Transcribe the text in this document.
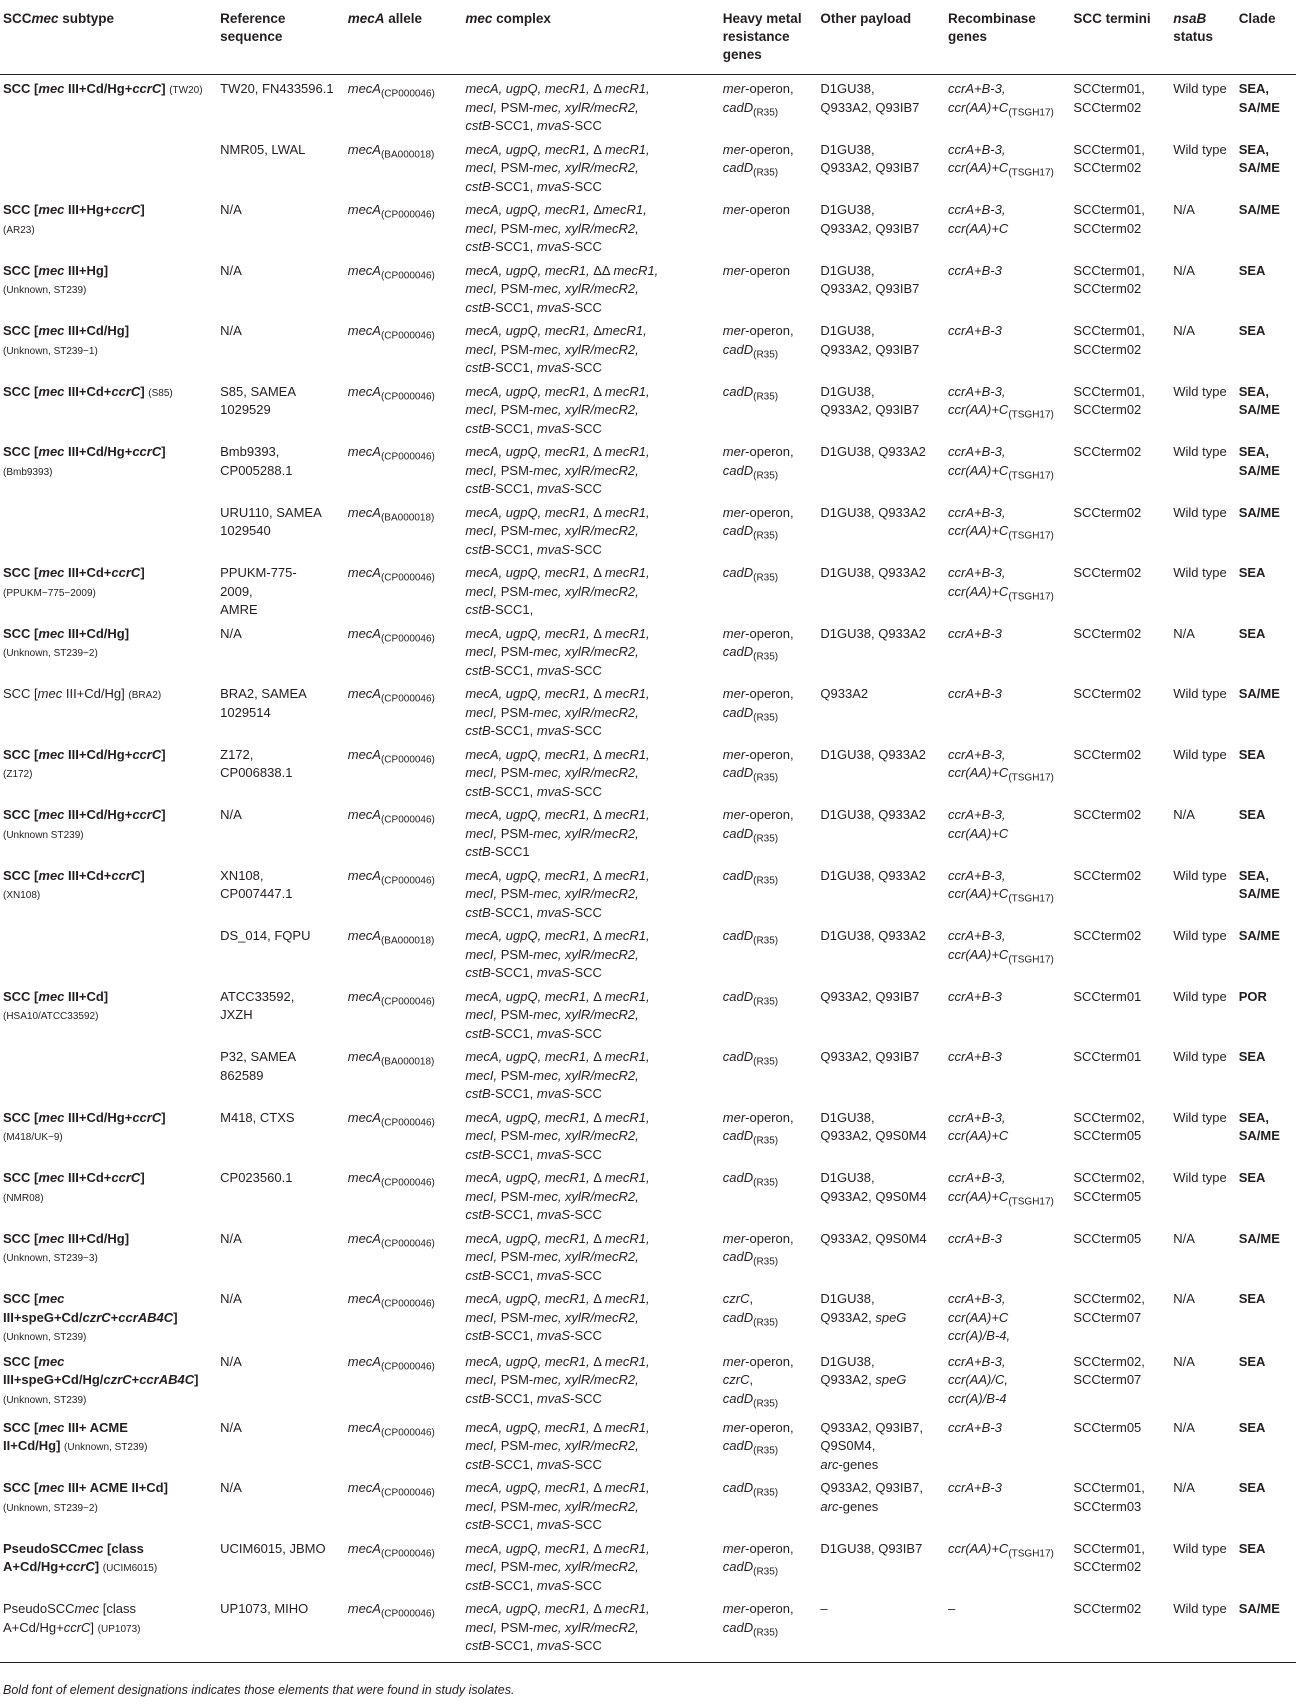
SCCmec subtype	Reference sequence	mecA allele	mec complex	Heavy metal resistance genes	Other payload	Recombinase genes	SCC termini	nsaB status	Clade
SCC [mec III+Cd/Hg+ccrC] (TW20)	TW20, FN433596.1	mecA$_{(CP000046)}$	mecA, ugpQ, mecR1, Δ mecR1,
mecI, PSM-mec, xylR/mecR2,
cstB-SCC1, mvaS-SCC	mer-operon,
cadD$_{(R35)}$	D1GU38,
Q933A2, Q93IB7	ccrA+B-3,
$ccr(AA)+C_{(TSGH17)}$	SCCterm01,
SCCterm02	Wild type	SEA,
SA/ME
	NMR05, LWAL	mecA$_{(BA000018)}$	mecA, ugpQ, mecR1, Δ mecR1,
mecI, PSM-mec, xylR/mecR2,
cstB-SCC1, mvaS-SCC	mer-operon,
cadD$_{(R35)}$	D1GU38,
Q933A2, Q93IB7	ccrA+B-3,
$ccr(AA)+C_{(TSGH17)}$	SCCterm01,
SCCterm02	Wild type	SEA,
SA/ME
SCC [mec III+Hg+ccrC]
(AR23)	N/A	mecA$_{(CP000046)}$	mecA, ugpQ, mecR1, ΔmecR1,
mecI, PSM-mec, xylR/mecR2,
cstB-SCC1, mvaS-SCC	mer-operon	D1GU38,
Q933A2, Q93IB7	ccrA+B-3,
ccr(AA)+C	SCCterm01,
SCCterm02	N/A	SA/ME
SCC [mec III+Hg]
(Unknown, ST239)	N/A	mecA$_{(CP000046)}$	mecA, ugpQ, mecR1, ΔΔ mecR1,
mecI, PSM-mec, xylR/mecR2,
cstB-SCC1, mvaS-SCC	mer-operon	D1GU38,
Q933A2, Q93IB7	ccrA+B-3	SCCterm01,
SCCterm02	N/A	SEA
SCC [mec III+Cd/Hg]
(Unknown, ST239−1)	N/A	mecA$_{(CP000046)}$	mecA, ugpQ, mecR1, ΔmecR1,
mecI, PSM-mec, xylR/mecR2,
cstB-SCC1, mvaS-SCC	mer-operon,
cadD$_{(R35)}$	D1GU38,
Q933A2, Q93IB7	ccrA+B-3	SCCterm01,
SCCterm02	N/A	SEA
SCC [mec III+Cd+ccrC] (S85)	S85, SAMEA
1029529	mecA$_{(CP000046)}$	mecA, ugpQ, mecR1, Δ mecR1,
mecI, PSM-mec, xylR/mecR2,
cstB-SCC1, mvaS-SCC	cadD$_{(R35)}$	D1GU38,
Q933A2, Q93IB7	ccrA+B-3,
$ccr(AA)+C_{(TSGH17)}$	SCCterm01,
SCCterm02	Wild type	SEA,
SA/ME
SCC [mec III+Cd/Hg+ccrC]
(Bmb9393)	Bmb9393,
CP005288.1	mecA$_{(CP000046)}$	mecA, ugpQ, mecR1, Δ mecR1,
mecI, PSM-mec, xylR/mecR2,
cstB-SCC1, mvaS-SCC	mer-operon,
cadD$_{(R35)}$	D1GU38, Q933A2	ccrA+B-3,
$ccr(AA)+C_{(TSGH17)}$	SCCterm02	Wild type	SEA,
SA/ME
	URU110, SAMEA
1029540	mecA$_{(BA000018)}$	mecA, ugpQ, mecR1, Δ mecR1,
mecI, PSM-mec, xylR/mecR2,
cstB-SCC1, mvaS-SCC	mer-operon,
cadD$_{(R35)}$	D1GU38, Q933A2	ccrA+B-3,
$ccr(AA)+C_{(TSGH17)}$	SCCterm02	Wild type	SA/ME
SCC [mec III+Cd+ccrC]
(PPUKM−775−2009)	PPUKM-775-
2009,
AMRE	mecA$_{(CP000046)}$	mecA, ugpQ, mecR1, Δ mecR1,
mecI, PSM-mec, xylR/mecR2,
cstB-SCC1,	cadD$_{(R35)}$	D1GU38, Q933A2	ccrA+B-3,
$ccr(AA)+C_{(TSGH17)}$	SCCterm02	Wild type	SEA
SCC [mec III+Cd/Hg]
(Unknown, ST239−2)	N/A	mecA$_{(CP000046)}$	mecA, ugpQ, mecR1, Δ mecR1,
mecI, PSM-mec, xylR/mecR2,
cstB-SCC1, mvaS-SCC	mer-operon,
cadD$_{(R35)}$	D1GU38, Q933A2	ccrA+B-3	SCCterm02	N/A	SEA
SCC [mec III+Cd/Hg] (BRA2)	BRA2, SAMEA
1029514	mecA$_{(CP000046)}$	mecA, ugpQ, mecR1, Δ mecR1,
mecI, PSM-mec, xylR/mecR2,
cstB-SCC1, mvaS-SCC	mer-operon,
cadD$_{(R35)}$	Q933A2	ccrA+B-3	SCCterm02	Wild type	SA/ME
SCC [mec III+Cd/Hg+ccrC]
(Z172)	Z172,
CP006838.1	mecA$_{(CP000046)}$	mecA, ugpQ, mecR1, Δ mecR1,
mecI, PSM-mec, xylR/mecR2,
cstB-SCC1, mvaS-SCC	mer-operon,
cadD$_{(R35)}$	D1GU38, Q933A2	ccrA+B-3,
$ccr(AA)+C_{(TSGH17)}$	SCCterm02	Wild type	SEA
SCC [mec III+Cd/Hg+ccrC]
(Unknown ST239)	N/A	mecA$_{(CP000046)}$	mecA, ugpQ, mecR1, Δ mecR1,
mecI, PSM-mec, xylR/mecR2,
cstB-SCC1	mer-operon,
cadD$_{(R35)}$	D1GU38, Q933A2	ccrA+B-3,
ccr(AA)+C	SCCterm02	N/A	SEA
SCC [mec III+Cd+ccrC]
(XN108)	XN108,
CP007447.1	mecA$_{(CP000046)}$	mecA, ugpQ, mecR1, Δ mecR1,
mecI, PSM-mec, xylR/mecR2,
cstB-SCC1, mvaS-SCC	cadD$_{(R35)}$	D1GU38, Q933A2	ccrA+B-3,
$ccr(AA)+C_{(TSGH17)}$	SCCterm02	Wild type	SEA,
SA/ME
	DS_014, FQPU	mecA$_{(BA000018)}$	mecA, ugpQ, mecR1, Δ mecR1,
mecI, PSM-mec, xylR/mecR2,
cstB-SCC1, mvaS-SCC	cadD$_{(R35)}$	D1GU38, Q933A2	ccrA+B-3,
$ccr(AA)+C_{(TSGH17)}$	SCCterm02	Wild type	SA/ME
SCC [mec III+Cd]
(HSA10/ATCC33592)	ATCC33592,
JXZH	mecA$_{(CP000046)}$	mecA, ugpQ, mecR1, Δ mecR1,
mecI, PSM-mec, xylR/mecR2,
cstB-SCC1, mvaS-SCC	cadD$_{(R35)}$	Q933A2, Q93IB7	ccrA+B-3	SCCterm01	Wild type	POR
	P32, SAMEA
862589	mecA$_{(BA000018)}$	mecA, ugpQ, mecR1, Δ mecR1,
mecI, PSM-mec, xylR/mecR2,
cstB-SCC1, mvaS-SCC	cadD$_{(R35)}$	Q933A2, Q93IB7	ccrA+B-3	SCCterm01	Wild type	SEA
SCC [mec III+Cd/Hg+ccrC]
(M418/UK−9)	M418, CTXS	mecA$_{(CP000046)}$	mecA, ugpQ, mecR1, Δ mecR1,
mecI, PSM-mec, xylR/mecR2,
cstB-SCC1, mvaS-SCC	mer-operon,
cadD$_{(R35)}$	D1GU38,
Q933A2, Q9S0M4	ccrA+B-3,
ccr(AA)+C	SCCterm02,
SCCterm05	Wild type	SEA,
SA/ME
SCC [mec III+Cd+ccrC]
(NMR08)	CP023560.1	mecA$_{(CP000046)}$	mecA, ugpQ, mecR1, Δ mecR1,
mecI, PSM-mec, xylR/mecR2,
cstB-SCC1, mvaS-SCC	cadD$_{(R35)}$	D1GU38,
Q933A2, Q9S0M4	ccrA+B-3,
$ccr(AA)+C_{(TSGH17)}$	SCCterm02,
SCCterm05	Wild type	SEA
SCC [mec III+Cd/Hg]
(Unknown, ST239−3)	N/A	mecA$_{(CP000046)}$	mecA, ugpQ, mecR1, Δ mecR1,
mecI, PSM-mec, xylR/mecR2,
cstB-SCC1, mvaS-SCC	mer-operon,
cadD$_{(R35)}$	Q933A2, Q9S0M4	ccrA+B-3	SCCterm05	N/A	SA/ME
SCC [mec
III+speG+Cd/czrC+ccrAB4C]
(Unknown, ST239)	N/A	mecA$_{(CP000046)}$	mecA, ugpQ, mecR1, Δ mecR1,
mecI, PSM-mec, xylR/mecR2,
cstB-SCC1, mvaS-SCC	czrC,
cadD$_{(R35)}$	D1GU38,
Q933A2, speG	ccrA+B-3,
ccr(AA)+C
ccr(A)/B-4,	SCCterm02,
SCCterm07	N/A	SEA
SCC [mec
III+speG+Cd/Hg/czrC+ccrAB4C]
(Unknown, ST239)	N/A	mecA$_{(CP000046)}$	mecA, ugpQ, mecR1, Δ mecR1,
mecI, PSM-mec, xylR/mecR2,
cstB-SCC1, mvaS-SCC	mer-operon,
czrC,
cadD$_{(R35)}$	D1GU38,
Q933A2, speG	ccrA+B-3,
ccr(AA)/C,
ccr(A)/B-4	SCCterm02,
SCCterm07	N/A	SEA
SCC [mec III+ ACME
II+Cd/Hg] (Unknown, ST239)	N/A	mecA$_{(CP000046)}$	mecA, ugpQ, mecR1, Δ mecR1,
mecI, PSM-mec, xylR/mecR2,
cstB-SCC1, mvaS-SCC	mer-operon,
cadD$_{(R35)}$	Q933A2, Q93IB7,
Q9S0M4,
arc-genes	ccrA+B-3	SCCterm05	N/A	SEA
SCC [mec III+ ACME II+Cd]
(Unknown, ST239−2)	N/A	mecA$_{(CP000046)}$	mecA, ugpQ, mecR1, Δ mecR1,
mecI, PSM-mec, xylR/mecR2,
cstB-SCC1, mvaS-SCC	cadD$_{(R35)}$	Q933A2, Q93IB7,
arc-genes	ccrA+B-3	SCCterm01,
SCCterm03	N/A	SEA
PseudoSCCmec [class
A+Cd/Hg+ccrC] (UCIM6015)	UCIM6015, JBMO	mecA$_{(CP000046)}$	mecA, ugpQ, mecR1, Δ mecR1,
mecI, PSM-mec, xylR/mecR2,
cstB-SCC1, mvaS-SCC	mer-operon,
cadD$_{(R35)}$	D1GU38, Q93IB7	$ccr(AA)+C_{(TSGH17)}$	SCCterm01,
SCCterm02	Wild type	SEA
PseudoSCCmec [class
A+Cd/Hg+ccrC] (UP1073)	UP1073, MIHO	mecA$_{(CP000046)}$	mecA, ugpQ, mecR1, Δ mecR1,
mecI, PSM-mec, xylR/mecR2,
cstB-SCC1, mvaS-SCC	mer-operon,
cadD$_{(R35)}$	–	–	SCCterm02	Wild type	SA/ME
Bold font of element designations indicates those elements that were found in study isolates.
